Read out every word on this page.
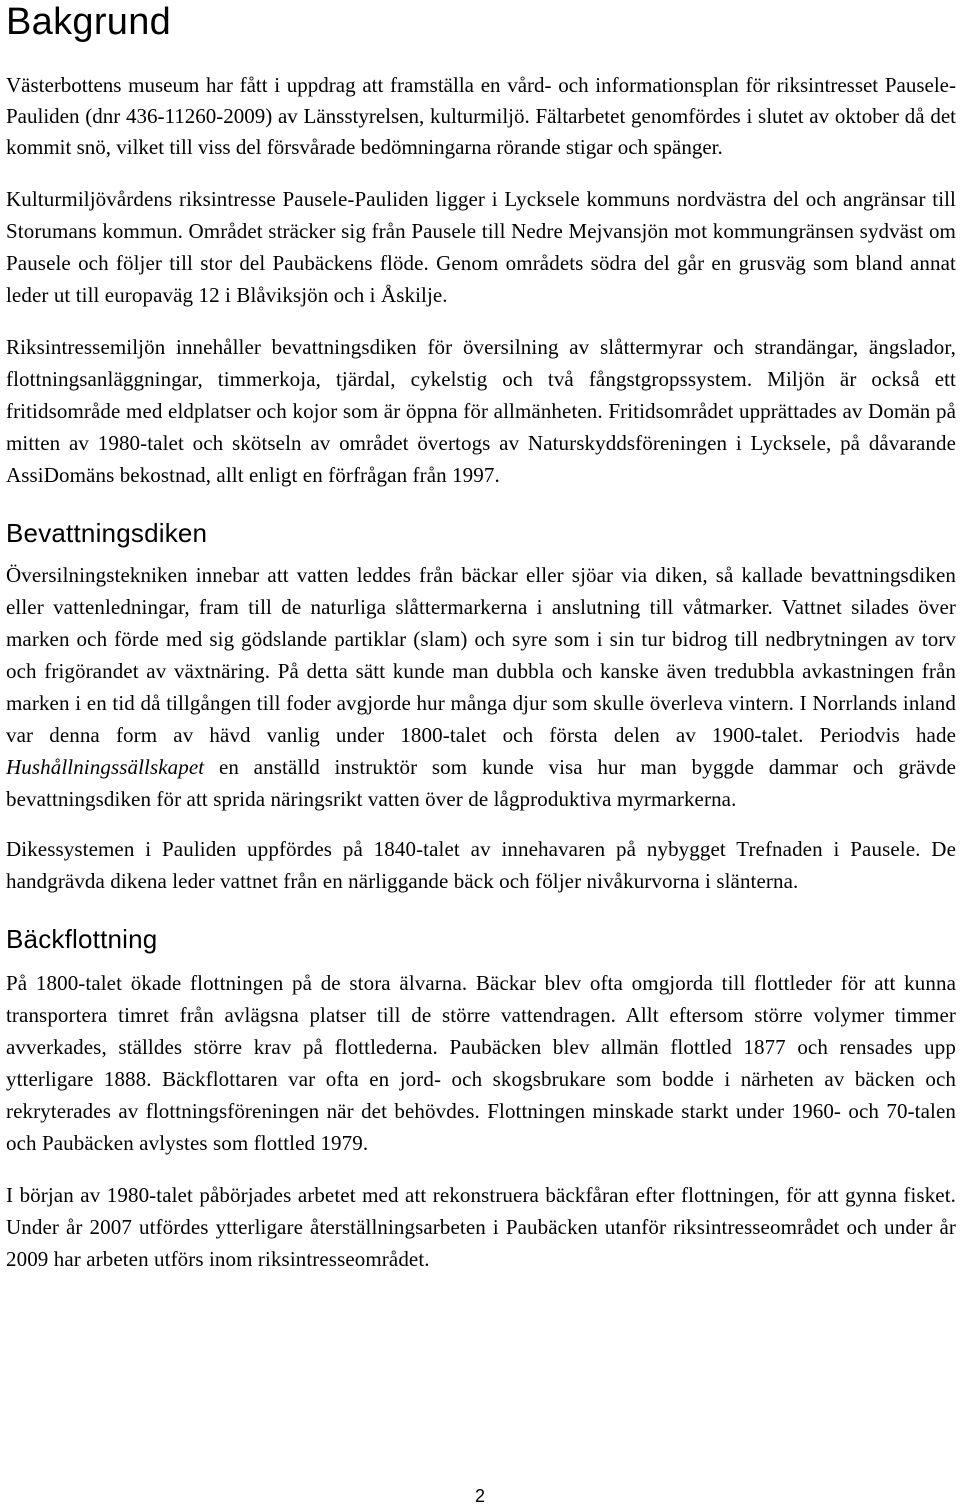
Bakgrund

Västerbottens museum har fått i uppdrag att framställa en vård- och informationsplan för riksintresset Pausele-Pauliden (dnr 436-11260-2009) av Länsstyrelsen, kulturmiljö. Fältarbetet genomfördes i slutet av oktober då det kommit snö, vilket till viss del försvårade bedömningarna rörande stigar och spänger.

Kulturmiljövårdens riksintresse Pausele-Pauliden ligger i Lycksele kommuns nordvästra del och angränsar till Storumans kommun. Området sträcker sig från Pausele till Nedre Mejvansjön mot kommungränsen sydväst om Pausele och följer till stor del Paubäckens flöde. Genom områdets södra del går en grusväg som bland annat leder ut till europaväg 12 i Blåviksjön och i Åskilje.

Riksintressemiljön innehåller bevattningsdiken för översilning av slåttermyrar och strandängar, ängslador, flottningsanläggningar, timmerkoja, tjärdal, cykelstig och två fångstgropssystem. Miljön är också ett fritidsområde med eldplatser och kojor som är öppna för allmänheten. Fritidsområdet upprättades av Domän på mitten av 1980-talet och skötseln av området övertogs av Naturskyddsföreningen i Lycksele, på dåvarande AssiDomäns bekostnad, allt enligt en förfrågan från 1997.

Bevattningsdiken

Översilningstekniken innebar att vatten leddes från bäckar eller sjöar via diken, så kallade bevattningsdiken eller vattenledningar, fram till de naturliga slåttermarkerna i anslutning till våtmarker. Vattnet silades över marken och förde med sig gödslande partiklar (slam) och syre som i sin tur bidrog till nedbrytningen av torv och frigörandet av växtnäring. På detta sätt kunde man dubbla och kanske även tredubbla avkastningen från marken i en tid då tillgången till foder avgjorde hur många djur som skulle överleva vintern. I Norrlands inland var denna form av hävd vanlig under 1800-talet och första delen av 1900-talet. Periodvis hade Hushållningssällskapet en anställd instruktör som kunde visa hur man byggde dammar och grävde bevattningsdiken för att sprida näringsrikt vatten över de lågproduktiva myrmarkerna.

Dikessystemen i Pauliden uppfördes på 1840-talet av innehavaren på nybygget Trefnaden i Pausele. De handgrävda dikena leder vattnet från en närliggande bäck och följer nivåkurvorna i slänterna.

Bäckflottning

På 1800-talet ökade flottningen på de stora älvarna. Bäckar blev ofta omgjorda till flottleder för att kunna transportera timret från avlägsna platser till de större vattendragen. Allt eftersom större volymer timmer avverkades, ställdes större krav på flottlederna. Paubäcken blev allmän flottled 1877 och rensades upp ytterligare 1888. Bäckflottaren var ofta en jord- och skogsbrukare som bodde i närheten av bäcken och rekryterades av flottningsföreningen när det behövdes. Flottningen minskade starkt under 1960- och 70-talen och Paubäcken avlystes som flottled 1979.

I början av 1980-talet påbörjades arbetet med att rekonstruera bäckfåran efter flottningen, för att gynna fisket. Under år 2007 utfördes ytterligare återställningsarbeten i Paubäcken utanför riksintresseområdet och under år 2009 har arbeten utförs inom riksintresseområdet.

2
